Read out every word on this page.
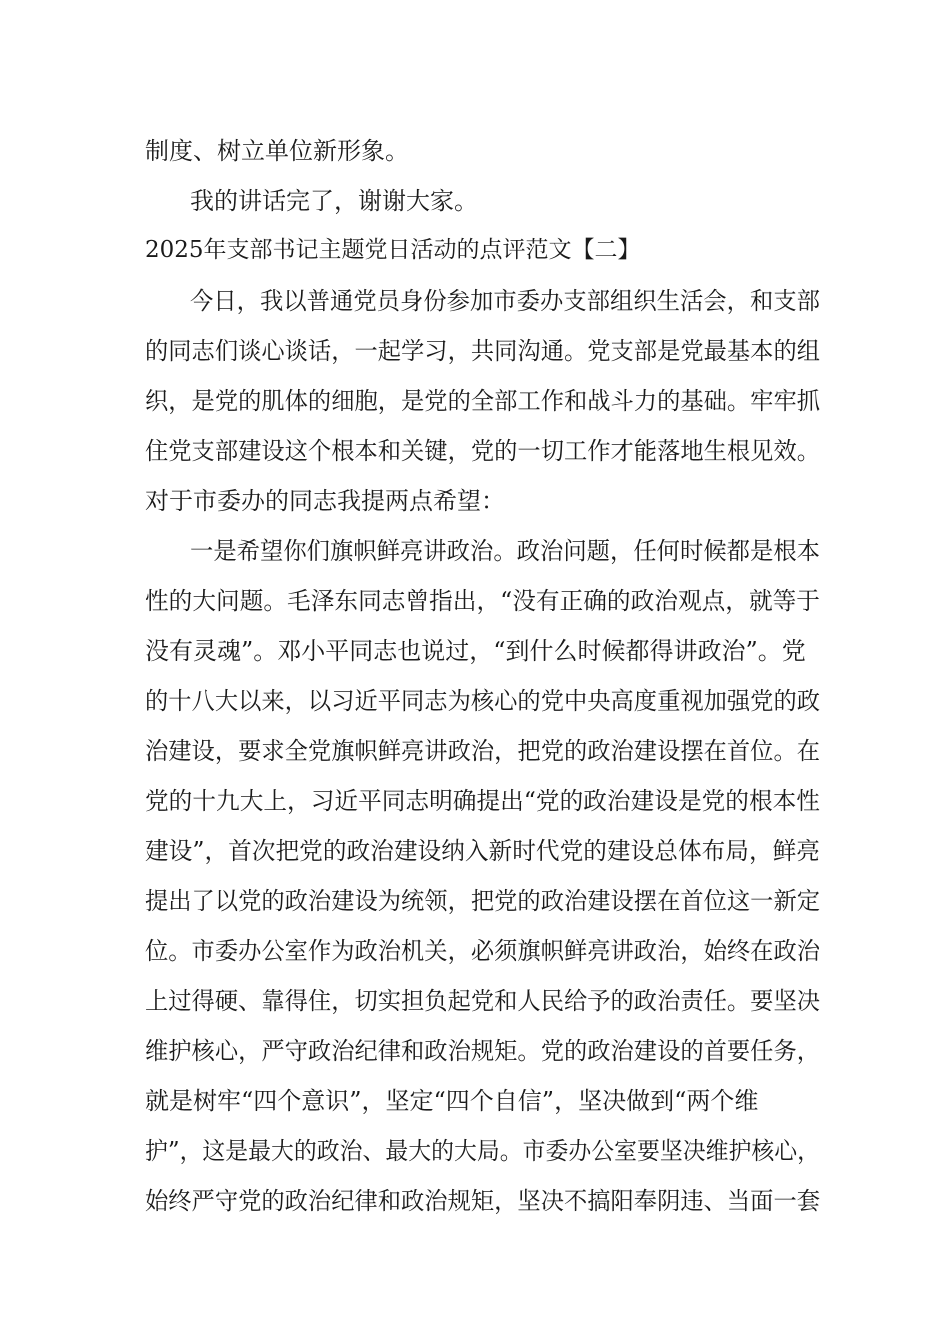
制度、树立单位新形象。
我的讲话完了，谢谢大家。
2025年支部书记主题党日活动的点评范文【二】
今日，我以普通党员身份参加市委办支部组织生活会，和支部
的同志们谈心谈话，一起学习，共同沟通。党支部是党最基本的组
织，是党的肌体的细胞，是党的全部工作和战斗力的基础。牢牢抓
住党支部建设这个根本和关键，党的一切工作才能落地生根见效。
对于市委办的同志我提两点希望：
一是希望你们旗帜鲜亮讲政治。政治问题，任何时候都是根本
性的大问题。毛泽东同志曾指出，“没有正确的政治观点，就等于
没有灵魂”。邓小平同志也说过，“到什么时候都得讲政治”。党
的十八大以来，以习近平同志为核心的党中央高度重视加强党的政
治建设，要求全党旗帜鲜亮讲政治，把党的政治建设摆在首位。在
党的十九大上，习近平同志明确提出“党的政治建设是党的根本性
建设”，首次把党的政治建设纳入新时代党的建设总体布局，鲜亮
提出了以党的政治建设为统领，把党的政治建设摆在首位这一新定
位。市委办公室作为政治机关，必须旗帜鲜亮讲政治，始终在政治
上过得硬、靠得住，切实担负起党和人民给予的政治责任。要坚决
维护核心，严守政治纪律和政治规矩。党的政治建设的首要任务，
就是树牢“四个意识”，坚定“四个自信”，坚决做到“两个维
护”，这是最大的政治、最大的大局。市委办公室要坚决维护核心，
始终严守党的政治纪律和政治规矩，坚决不搞阳奉阴违、当面一套
